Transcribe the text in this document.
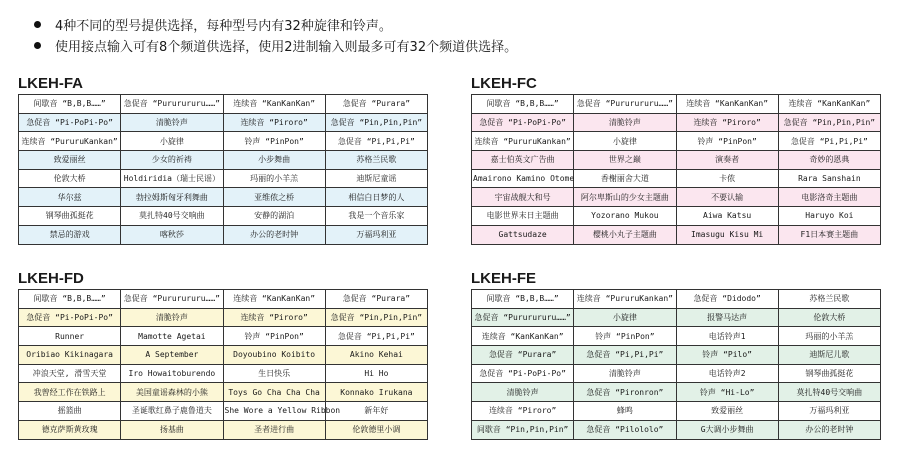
4种不同的型号提供选择，每种型号内有32种旋律和铃声。
使用接点输入可有8个频道供选择，使用2进制输入则最多可有32个频道供选择。
LKEH-FA
间歇音 “B,B,B……”	急促音 “Pururururu……”	连续音 “KanKanKan”	急促音 “Purara”
急促音 “Pi-PoPi-Po”	清脆铃声	连续音 “Piroro”	急促音 “Pin,Pin,Pin”
连续音 “PururuKankan”	小旋律	铃声 “PinPon”	急促音 “Pi,Pi,Pi”
致爱丽丝	少女的祈祷	小步舞曲	苏格兰民歌
伦敦大桥	Holdiridia（瑞士民谣）	玛丽的小羊羔	迪斯尼童谣
华尔兹	勃拉姆斯匈牙利舞曲	亚维侬之桥	相信白日梦的人
钢琴曲孤挺花	莫扎特40号交响曲	安静的湖泊	我是一个音乐家
禁忌的游戏	喀秋莎	办公的老时钟	万福玛利亚
LKEH-FC
间歇音 “B,B,B……”	急促音 “Pururururu……”	连续音 “KanKanKan”	连续音 “KanKanKan”
急促音 “Pi-PoPi-Po”	清脆铃声	连续音 “Piroro”	急促音 “Pin,Pin,Pin”
连续音 “PururuKankan”	小旋律	铃声 “PinPon”	急促音 “Pi,Pi,Pi”
嘉士伯英文广告曲	世界之巅	演奏者	奇妙的恩典
Amairono Kamino Otome	香榭丽舍大道	卡侬	Rara Sanshain
宇宙战舰大和号	阿尔卑斯山的少女主题曲	不要认输	电影洛奇主题曲
电影世界末日主题曲	Yozorano Mukou	Aiwa Katsu	Haruyo Koi
Gattsudaze	樱桃小丸子主题曲	Imasugu Kisu Mi	F1日本赛主题曲
LKEH-FD
间歇音 “B,B,B……”	急促音 “Pururururu……”	连续音 “KanKanKan”	急促音 “Purara”
急促音 “Pi-PoPi-Po”	清脆铃声	连续音 “Piroro”	急促音 “Pin,Pin,Pin”
Runner	Mamotte Agetai	铃声 “PinPon”	急促音 “Pi,Pi,Pi”
Oribiao Kikinagara	A September	Doyoubino Koibito	Akino Kehai
冲浪天堂, 滑雪天堂	Iro Howaitoburendo	生日快乐	Hi Ho
我曾经工作在铁路上	美国童谣森林的小熊	Toys Go Cha Cha Cha	Konnako Irukana
摇篮曲	圣诞歌红鼻子鹿鲁道夫	She Wore a Yellow Ribbon	新年好
德克萨斯黄玫瑰	扬基曲	圣者进行曲	伦敦德里小调
LKEH-FE
间歇音 “B,B,B……”	连续音 “PururuKankan”	急促音 “Didodo”	苏格兰民歌
急促音 “Pururururu……”	小旋律	报警马达声	伦敦大桥
连续音 “KanKanKan”	铃声 “PinPon”	电话铃声1	玛丽的小羊羔
急促音 “Purara”	急促音 “Pi,Pi,Pi”	铃声 “Pilo”	迪斯尼儿歌
急促音 “Pi-PoPi-Po”	清脆铃声	电话铃声2	钢琴曲孤挺花
清脆铃声	急促音 “Pironron”	铃声 “Hi-Lo”	莫扎特40号交响曲
连续音 “Piroro”	蜂鸣	致爱丽丝	万福玛利亚
间歇音 “Pin,Pin,Pin”	急促音 “Pilololo”	G大调小步舞曲	办公的老时钟
